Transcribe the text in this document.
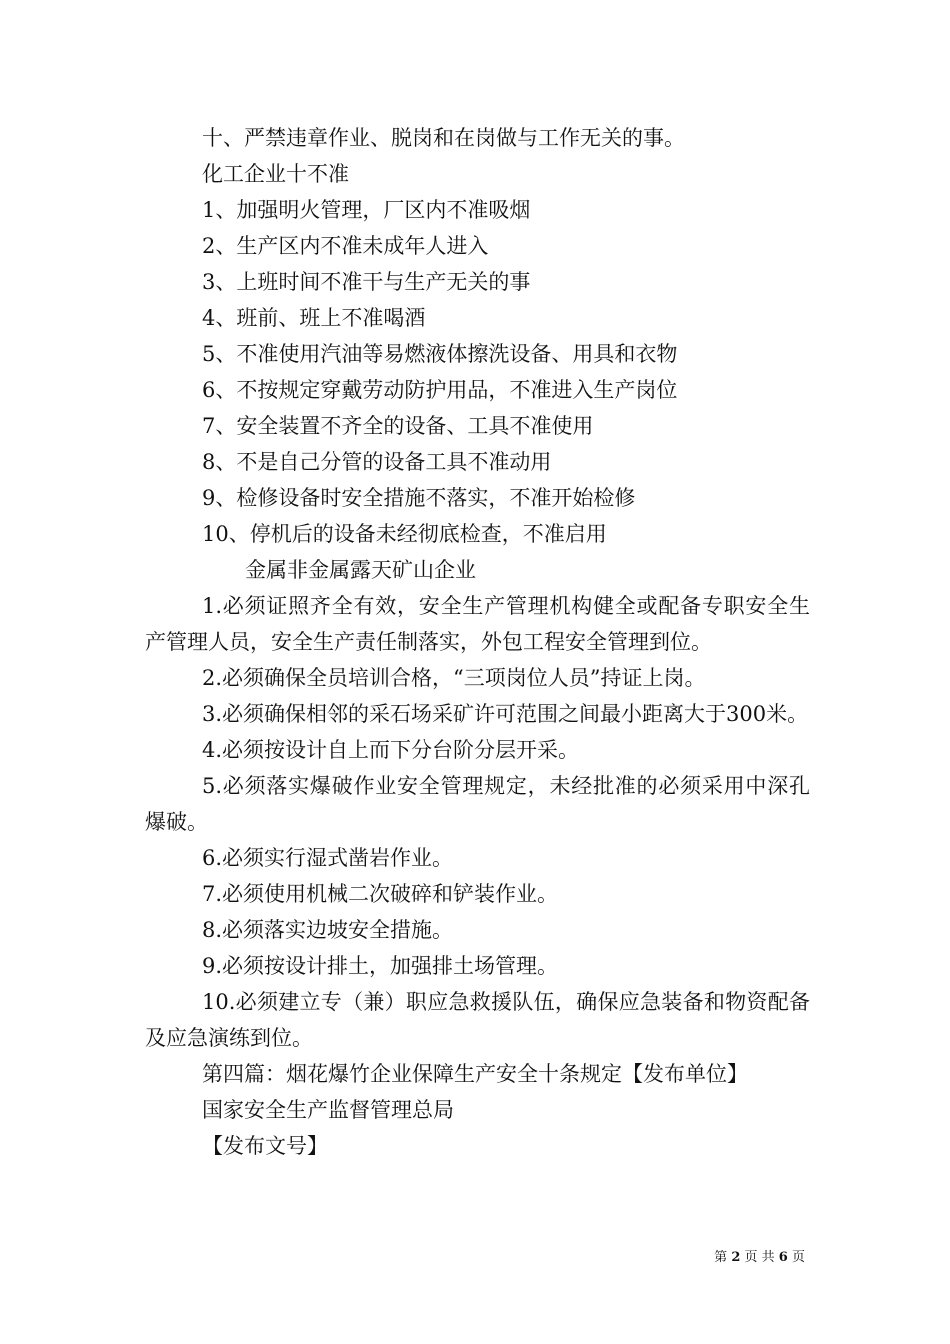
十、严禁违章作业、脱岗和在岗做与工作无关的事。

化工企业十不准

1、加强明火管理，厂区内不准吸烟

2、生产区内不准未成年人进入

3、上班时间不准干与生产无关的事

4、班前、班上不准喝酒

5、不准使用汽油等易燃液体擦洗设备、用具和衣物

6、不按规定穿戴劳动防护用品，不准进入生产岗位

7、安全装置不齐全的设备、工具不准使用

8、不是自己分管的设备工具不准动用

9、检修设备时安全措施不落实，不准开始检修

10、停机后的设备未经彻底检查，不准启用

金属非金属露天矿山企业

1.必须证照齐全有效，安全生产管理机构健全或配备专职安全生产管理人员，安全生产责任制落实，外包工程安全管理到位。

2.必须确保全员培训合格，“三项岗位人员”持证上岗。

3.必须确保相邻的采石场采矿许可范围之间最小距离大于300米。

4.必须按设计自上而下分台阶分层开采。

5.必须落实爆破作业安全管理规定，未经批准的必须采用中深孔爆破。

6.必须实行湿式凿岩作业。

7.必须使用机械二次破碎和铲装作业。

8.必须落实边坡安全措施。

9.必须按设计排土，加强排土场管理。

10.必须建立专（兼）职应急救援队伍，确保应急装备和物资配备及应急演练到位。

第四篇：烟花爆竹企业保障生产安全十条规定【发布单位】

国家安全生产监督管理总局

【发布文号】

第 2 页 共 6 页
